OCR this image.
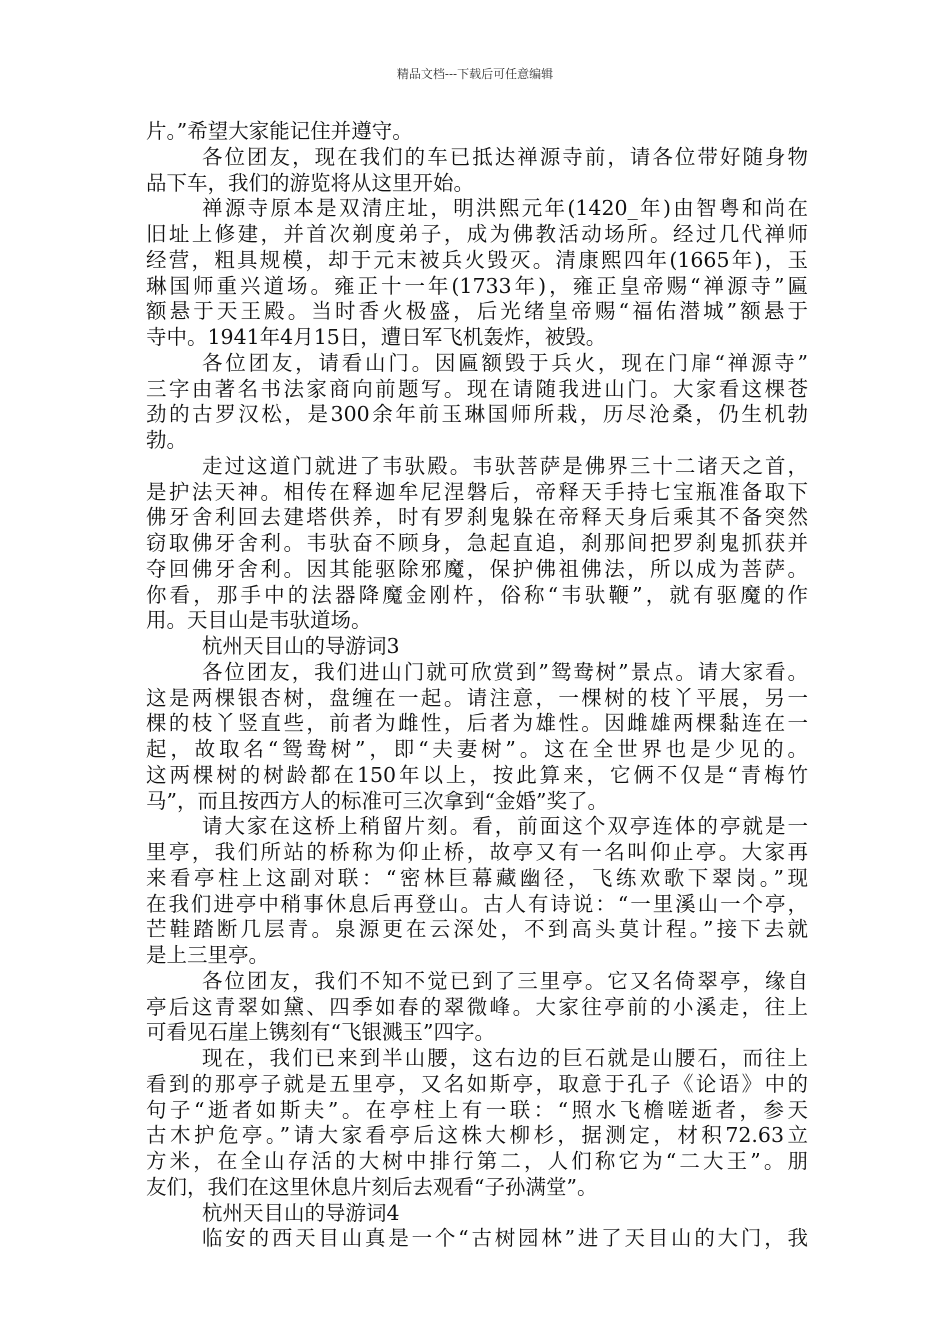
精品文档---下载后可任意编辑
片。”希望大家能记住并遵守。
各位团友，现在我们的车已抵达禅源寺前，请各位带好随身物
品下车，我们的游览将从这里开始。
禅源寺原本是双清庄址，明洪熙元年(1420_年)由智粤和尚在
旧址上修建，并首次剃度弟子，成为佛教活动场所。经过几代禅师
经营，粗具规模，却于元末被兵火毁灭。清康熙四年(1665年)，玉
琳国师重兴道场。雍正十一年(1733年)，雍正皇帝赐“禅源寺”匾
额悬于天王殿。当时香火极盛，后光绪皇帝赐“福佑潜城”额悬于
寺中。1941年4月15日，遭日军飞机轰炸，被毁。
各位团友，请看山门。因匾额毁于兵火，现在门扉“禅源寺”
三字由著名书法家商向前题写。现在请随我进山门。大家看这棵苍
劲的古罗汉松，是300余年前玉琳国师所栽，历尽沧桑，仍生机勃
勃。
走过这道门就进了韦驮殿。韦驮菩萨是佛界三十二诸天之首，
是护法天神。相传在释迦牟尼涅磐后，帝释天手持七宝瓶准备取下
佛牙舍利回去建塔供养，时有罗刹鬼躲在帝释天身后乘其不备突然
窃取佛牙舍利。韦驮奋不顾身，急起直追，刹那间把罗刹鬼抓获并
夺回佛牙舍利。因其能驱除邪魔，保护佛祖佛法，所以成为菩萨。
你看，那手中的法器降魔金刚杵，俗称“韦驮鞭”，就有驱魔的作
用。天目山是韦驮道场。
杭州天目山的导游词3
各位团友，我们进山门就可欣赏到”鸳鸯树”景点。请大家看。
这是两棵银杏树，盘缠在一起。请注意，一棵树的枝丫平展，另一
棵的枝丫竖直些，前者为雌性，后者为雄性。因雌雄两棵黏连在一
起，故取名“鸳鸯树”，即“夫妻树”。这在全世界也是少见的。
这两棵树的树龄都在150年以上，按此算来，它俩不仅是“青梅竹
马”，而且按西方人的标准可三次拿到“金婚”奖了。
请大家在这桥上稍留片刻。看，前面这个双亭连体的亭就是一
里亭，我们所站的桥称为仰止桥，故亭又有一名叫仰止亭。大家再
来看亭柱上这副对联：“密林巨幕藏幽径，飞练欢歌下翠岗。”现
在我们进亭中稍事休息后再登山。古人有诗说：“一里溪山一个亭，
芒鞋踏断几层青。泉源更在云深处，不到高头莫计程。”接下去就
是上三里亭。
各位团友，我们不知不觉已到了三里亭。它又名倚翠亭，缘自
亭后这青翠如黛、四季如春的翠微峰。大家往亭前的小溪走，往上
可看见石崖上镌刻有“飞银溅玉”四字。
现在，我们已来到半山腰，这右边的巨石就是山腰石，而往上
看到的那亭子就是五里亭，又名如斯亭，取意于孔子《论语》中的
句子“逝者如斯夫”。在亭柱上有一联：“照水飞檐嗟逝者，参天
古木护危亭。”请大家看亭后这株大柳杉，据测定，材积72.63立
方米，在全山存活的大树中排行第二，人们称它为“二大王”。朋
友们，我们在这里休息片刻后去观看“子孙满堂”。
杭州天目山的导游词4
临安的西天目山真是一个“古树园林”进了天目山的大门，我
